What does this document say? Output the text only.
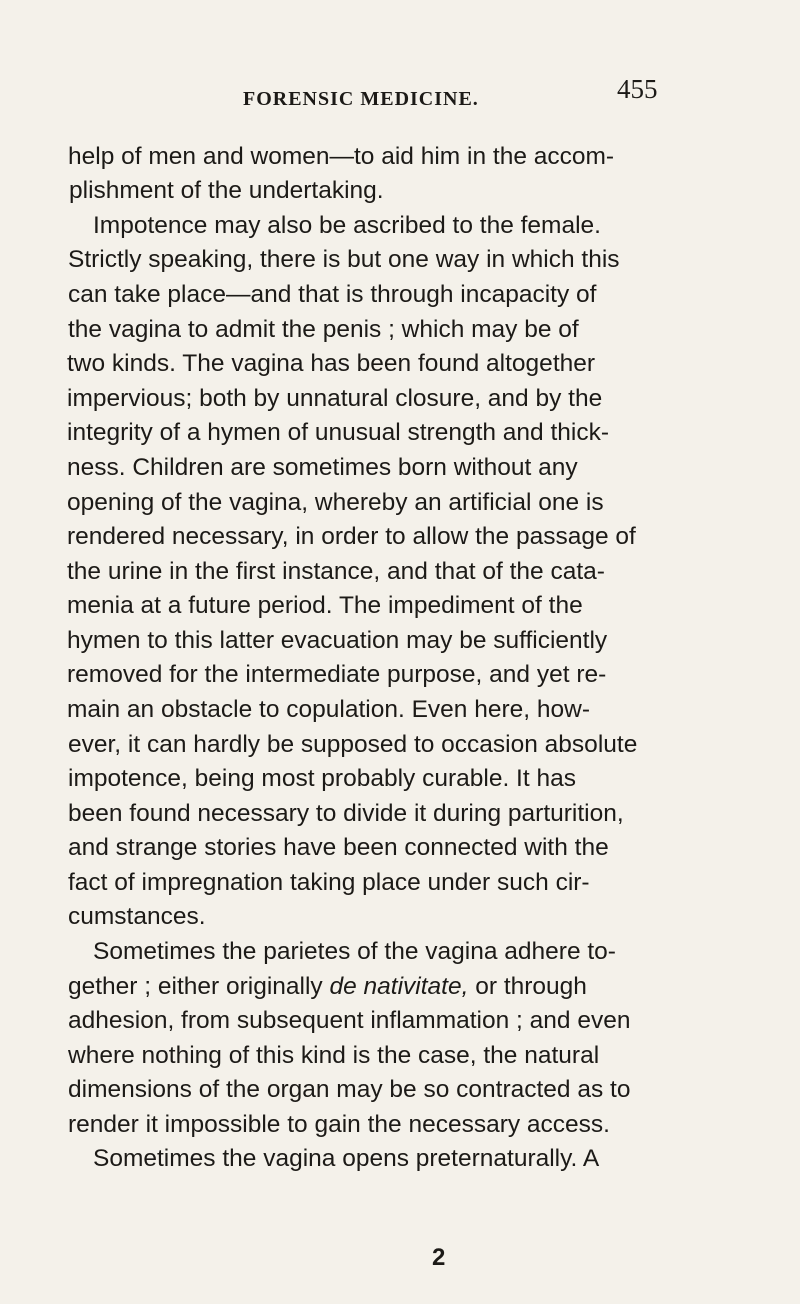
FORENSIC MEDICINE.	455
help of men and women—to aid him in the accom-
plishment of the undertaking.
Impotence may also be ascribed to the female.
Strictly speaking, there is but one way in which this
can take place—and that is through incapacity of
the vagina to admit the penis ; which may be of
two kinds. The vagina has been found altogether
impervious; both by unnatural closure, and by the
integrity of a hymen of unusual strength and thick-
ness. Children are sometimes born without any
opening of the vagina, whereby an artificial one is
rendered necessary, in order to allow the passage of
the urine in the first instance, and that of the cata-
menia at a future period. The impediment of the
hymen to this latter evacuation may be sufficiently
removed for the intermediate purpose, and yet re-
main an obstacle to copulation. Even here, how-
ever, it can hardly be supposed to occasion absolute
impotence, being most probably curable. It has
been found necessary to divide it during parturition,
and strange stories have been connected with the
fact of impregnation taking place under such cir-
cumstances.
Sometimes the parietes of the vagina adhere to-
gether ; either originally de nativitate, or through
adhesion, from subsequent inflammation ; and even
where nothing of this kind is the case, the natural
dimensions of the organ may be so contracted as to
render it impossible to gain the necessary access.
Sometimes the vagina opens preternaturally. A
2
